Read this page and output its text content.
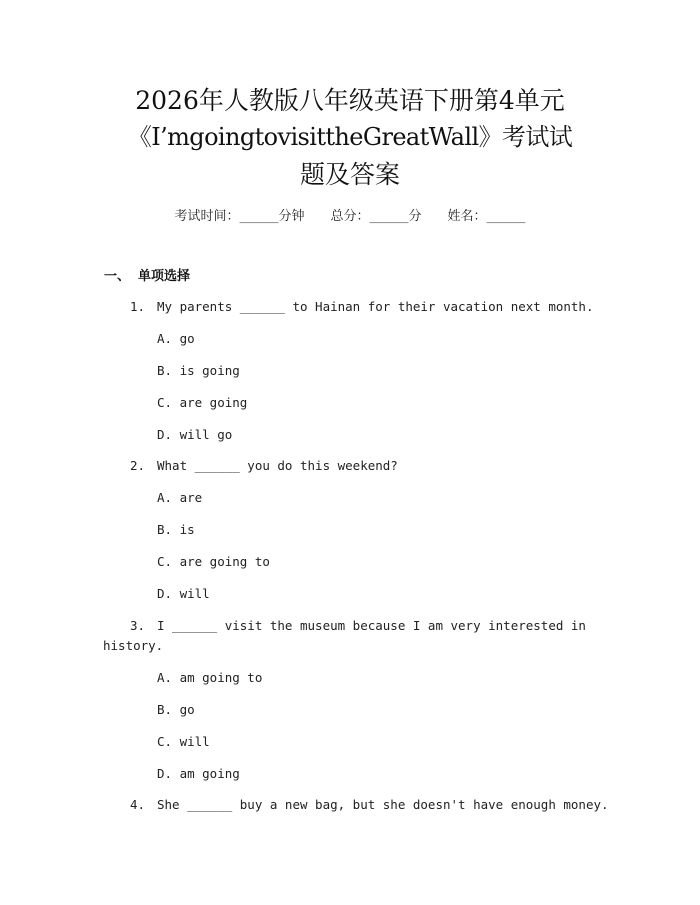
2026年人教版八年级英语下册第4单元
《I’mgoingtovisittheGreatWall》考试试
题及答案
考试时间：______分钟 总分：______分 姓名：______
一、 单项选择
1. My parents ______ to Hainan for their vacation next month.
A. go
B. is going
C. are going
D. will go
2. What ______ you do this weekend?
A. are
B. is
C. are going to
D. will
3. I ______ visit the museum because I am very interested in
history.
A. am going to
B. go
C. will
D. am going
4. She ______ buy a new bag, but she doesn't have enough money.
